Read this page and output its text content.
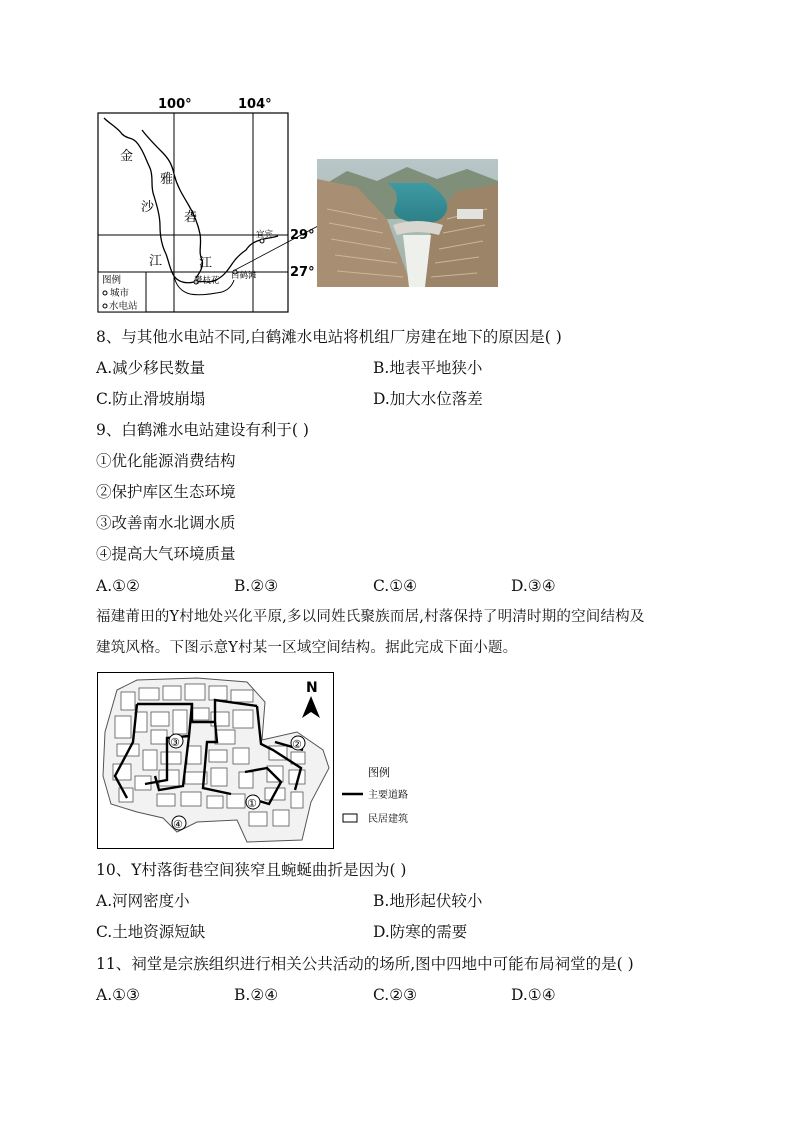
100°	104°
金
沙
江
雅
砻
江
宜宾
攀枝花 白鹤滩
29°
27°
图例
城市
水电站
8、与其他水电站不同,白鹤滩水电站将机组厂房建在地下的原因是( )
A.减少移民数量	B.地表平地狭小
C.防止滑坡崩塌	D.加大水位落差
9、白鹤滩水电站建设有利于( )
①优化能源消费结构
②保护库区生态环境
③改善南水北调水质
④提高大气环境质量
A.①②	B.②③	C.①④	D.③④
福建莆田的Y村地处兴化平原,多以同姓氏聚族而居,村落保持了明清时期的空间结构及
建筑风格。下图示意Y村某一区域空间结构。据此完成下面小题。
①
②
③
④
N
图例
主要道路
民居建筑
10、Y村落街巷空间狭窄且蜿蜒曲折是因为( )
A.河网密度小	B.地形起伏较小
C.土地资源短缺	D.防寒的需要
11、祠堂是宗族组织进行相关公共活动的场所,图中四地中可能布局祠堂的是( )
A.①③	B.②④	C.②③	D.①④
